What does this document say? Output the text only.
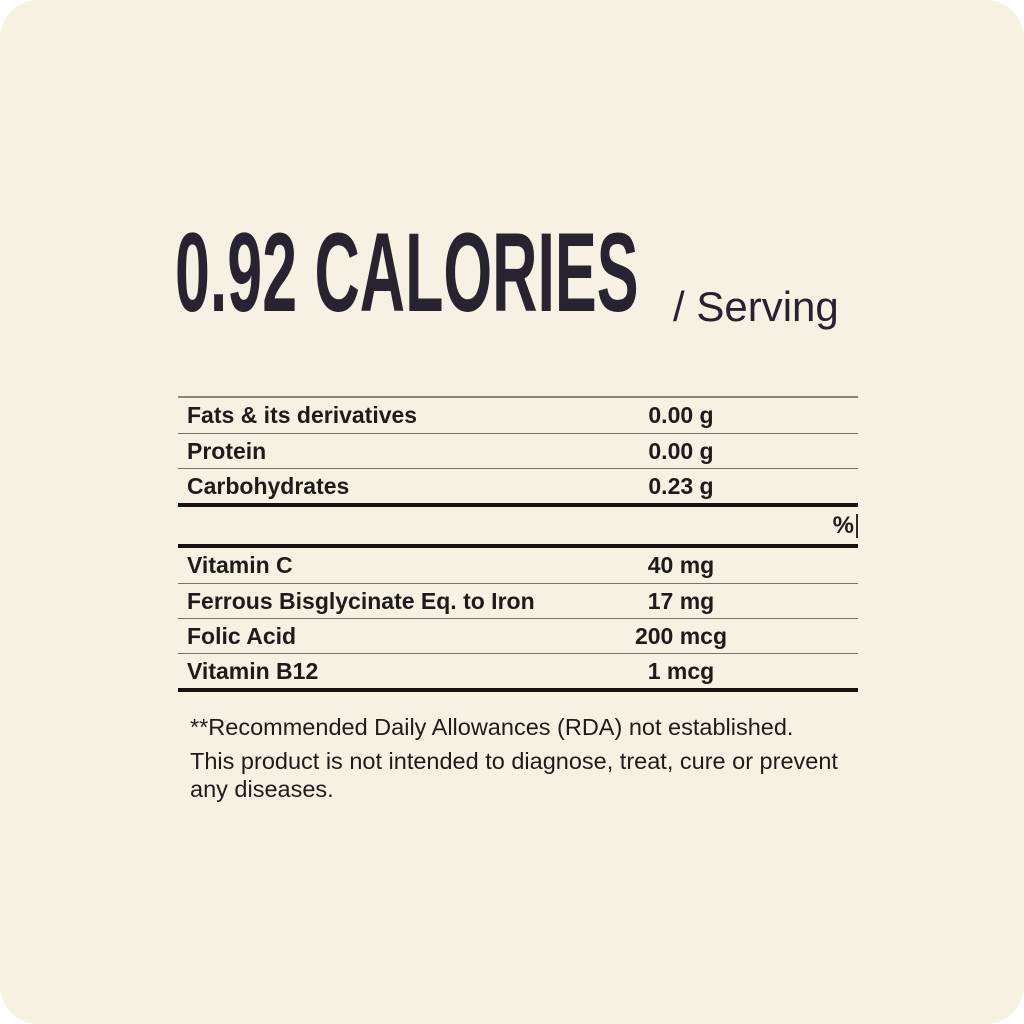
0.92 CALORIES / Serving
Fats & its derivatives	0.00 g
Protein	0.00 g
Carbohydrates	0.23 g
%
Vitamin C	40 mg
Ferrous Bisglycinate Eq. to Iron	17 mg
Folic Acid	200 mcg
Vitamin B12	1 mcg
**Recommended Daily Allowances (RDA) not established.
This product is not intended to diagnose, treat, cure or prevent any diseases.
